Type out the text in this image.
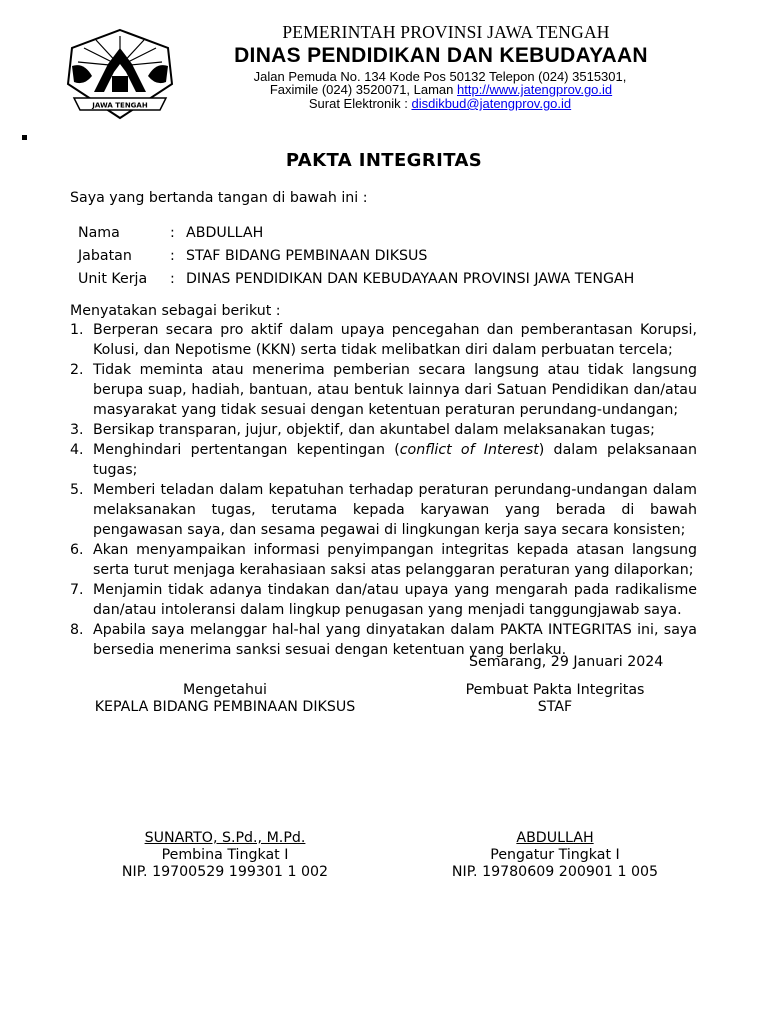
JAWA TENGAH
PEMERINTAH PROVINSI JAWA TENGAH
DINAS PENDIDIKAN DAN KEBUDAYAAN
Jalan Pemuda No. 134 Kode Pos 50132 Telepon (024) 3515301,
Faximile (024) 3520071, Laman http://www.jatengprov.go.id
Surat Elektronik : disdikbud@jatengprov.go.id
PAKTA INTEGRITAS
Saya yang bertanda tangan di bawah ini :
Nama	: ABDULLAH
Jabatan	: STAF BIDANG PEMBINAAN DIKSUS
Unit Kerja : DINAS PENDIDIKAN DAN KEBUDAYAAN PROVINSI JAWA TENGAH
Menyatakan sebagai berikut :
1. Berperan secara pro aktif dalam upaya pencegahan dan pemberantasan Korupsi, Kolusi, dan Nepotisme (KKN) serta tidak melibatkan diri dalam perbuatan tercela;
2. Tidak meminta atau menerima pemberian secara langsung atau tidak langsung berupa suap, hadiah, bantuan, atau bentuk lainnya dari Satuan Pendidikan dan/atau masyarakat yang tidak sesuai dengan ketentuan peraturan perundang-undangan;
3. Bersikap transparan, jujur, objektif, dan akuntabel dalam melaksanakan tugas;
4. Menghindari pertentangan kepentingan (conflict of Interest) dalam pelaksanaan tugas;
5. Memberi teladan dalam kepatuhan terhadap peraturan perundang-undangan dalam melaksanakan tugas, terutama kepada karyawan yang berada di bawah pengawasan saya, dan sesama pegawai di lingkungan kerja saya secara konsisten;
6. Akan menyampaikan informasi penyimpangan integritas kepada atasan langsung serta turut menjaga kerahasiaan saksi atas pelanggaran peraturan yang dilaporkan;
7. Menjamin tidak adanya tindakan dan/atau upaya yang mengarah pada radikalisme dan/atau intoleransi dalam lingkup penugasan yang menjadi tanggungjawab saya.
8. Apabila saya melanggar hal-hal yang dinyatakan dalam PAKTA INTEGRITAS ini, saya bersedia menerima sanksi sesuai dengan ketentuan yang berlaku.
Semarang, 29 Januari 2024
Mengetahui
KEPALA BIDANG PEMBINAAN DIKSUS
Pembuat Pakta Integritas
STAF
SUNARTO, S.Pd., M.Pd.
Pembina Tingkat I
NIP. 19700529 199301 1 002
ABDULLAH
Pengatur Tingkat I
NIP. 19780609 200901 1 005
